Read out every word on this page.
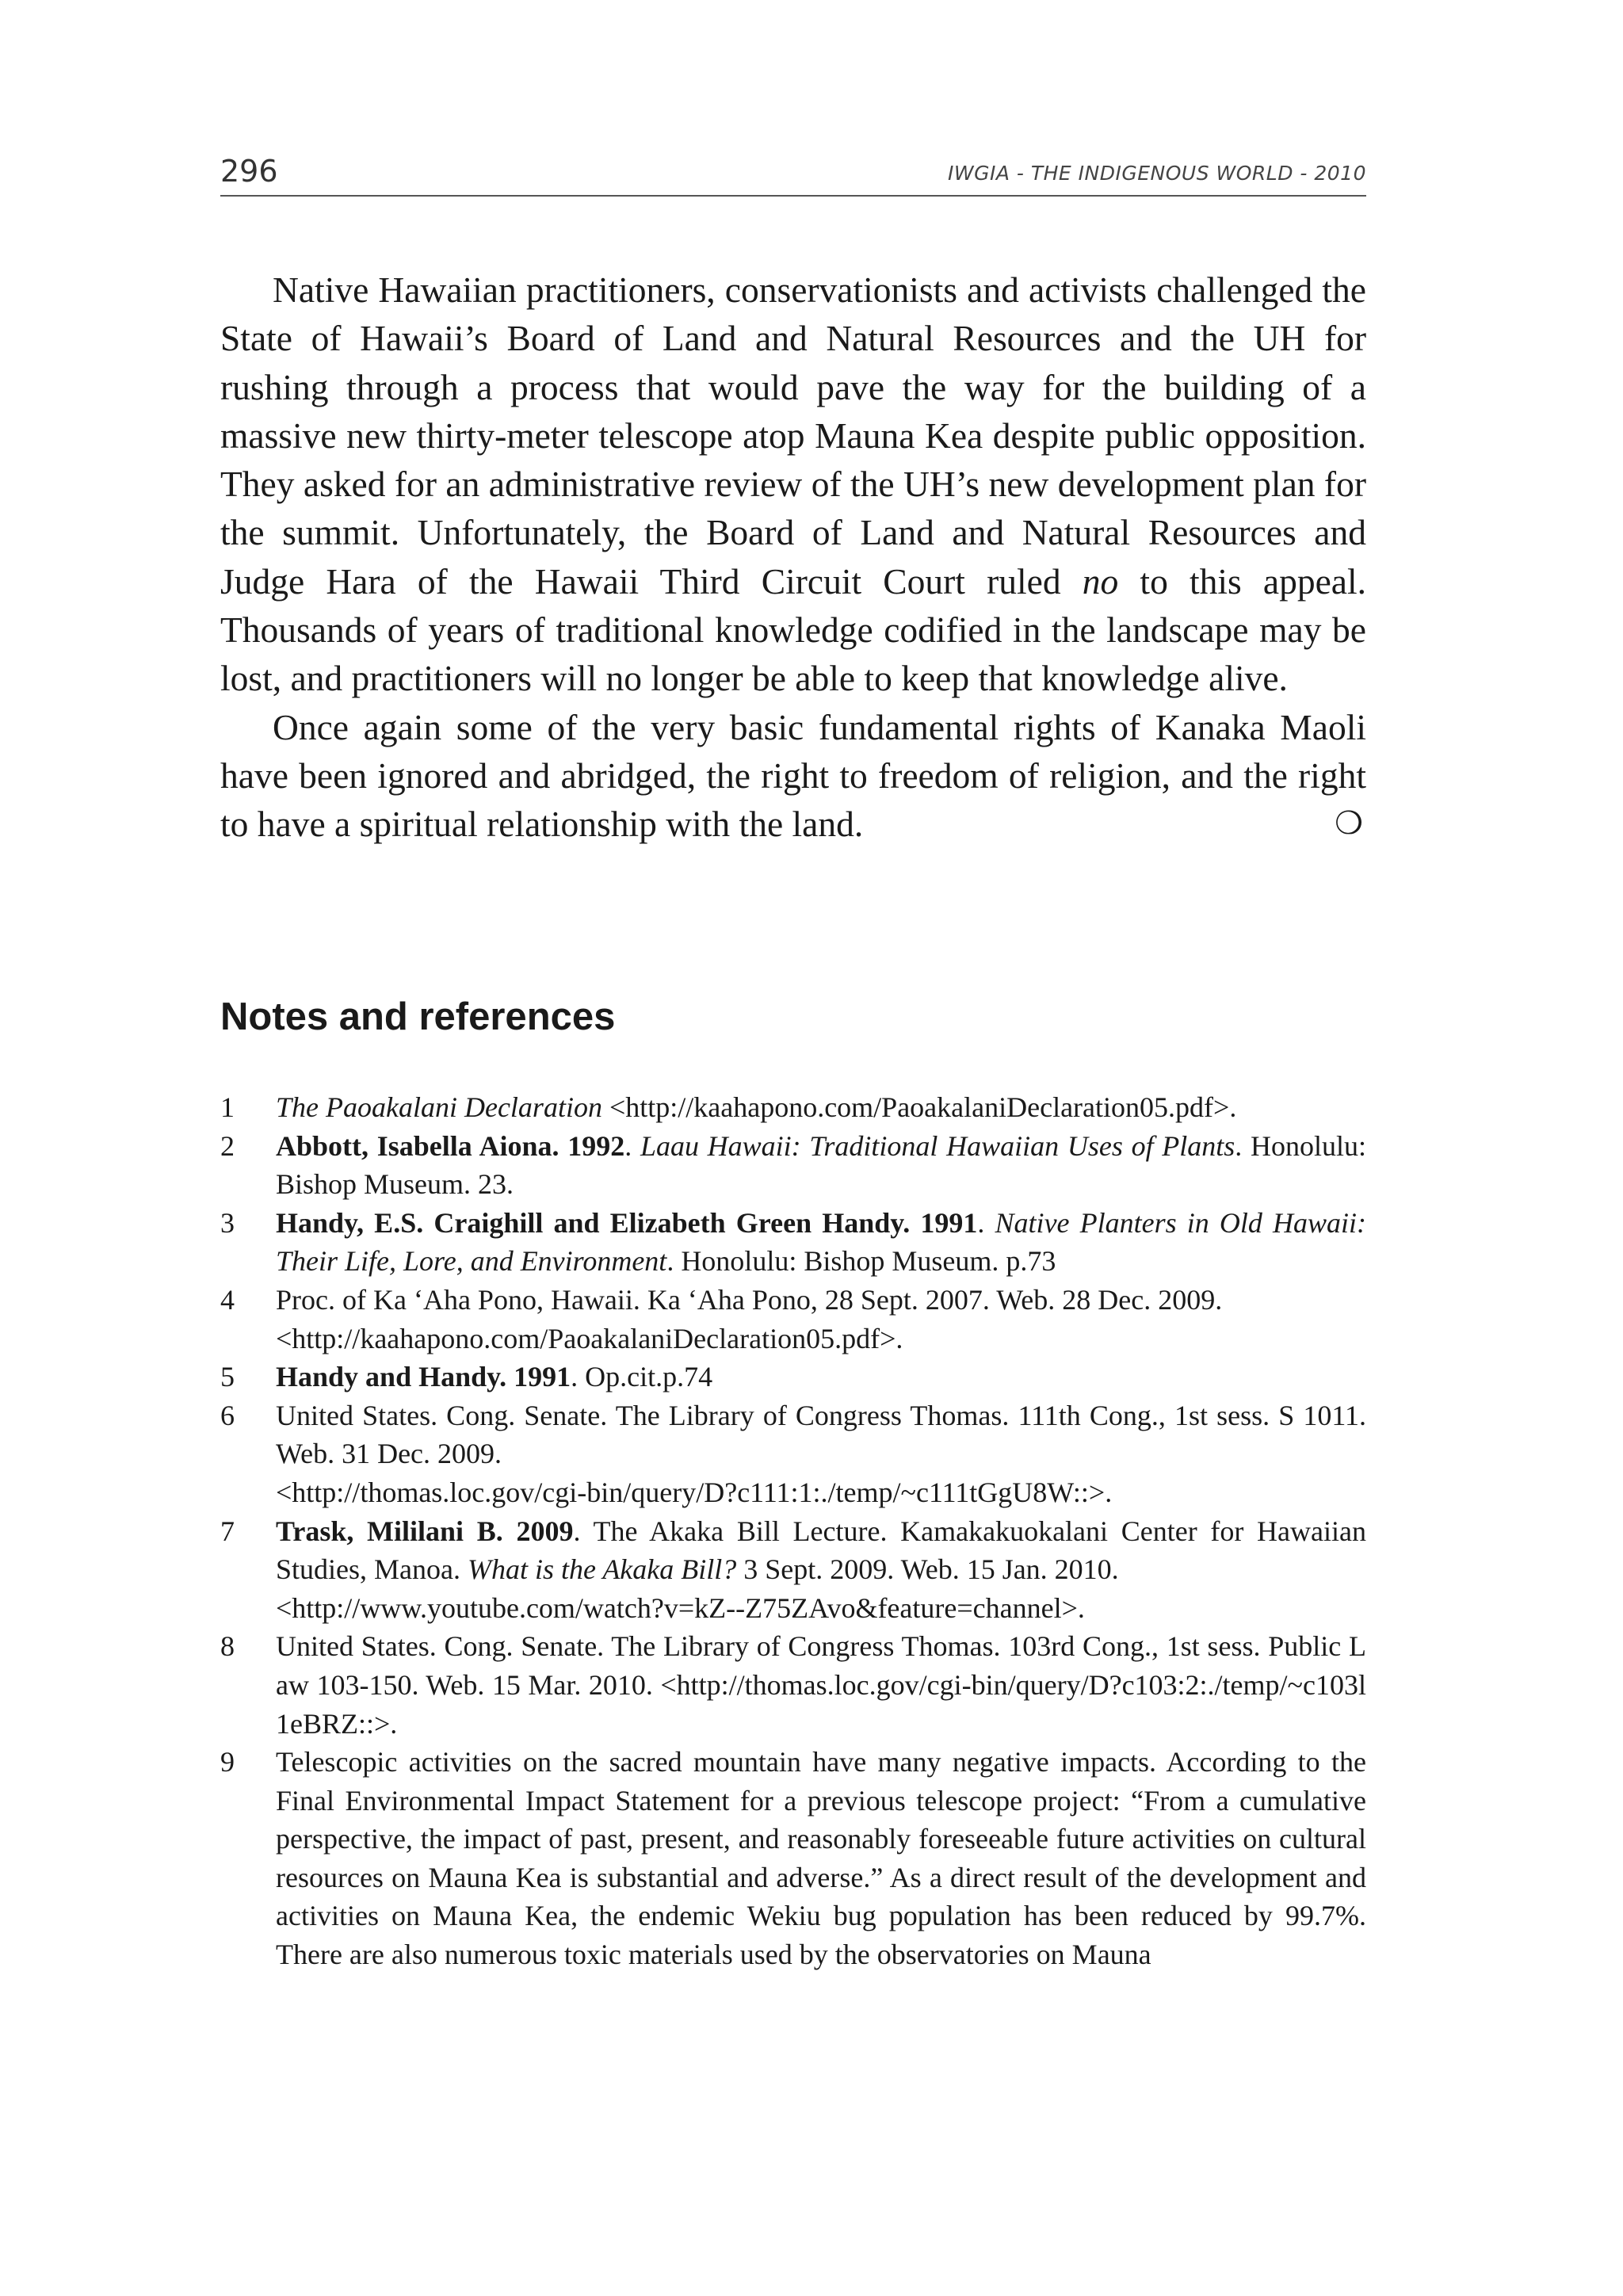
296	IWGIA - THE INDIGENOUS WORLD - 2010

Native Hawaiian practitioners, conservationists and activists challenged the State of Hawaii’s Board of Land and Natural Resources and the UH for rushing through a process that would pave the way for the building of a massive new thirty-meter telescope atop Mauna Kea despite public opposition. They asked for an administrative review of the UH’s new development plan for the summit. Unfortunately, the Board of Land and Natural Resources and Judge Hara of the Hawaii Third Circuit Court ruled no to this appeal. Thousands of years of traditional knowledge codified in the landscape may be lost, and practitioners will no longer be able to keep that knowledge alive.

Once again some of the very basic fundamental rights of Kanaka Maoli have been ignored and abridged, the right to freedom of religion, and the right to have a spiritual relationship with the land.	❍

Notes and references
1 The Paoakalani Declaration <http://kaahapono.com/PaoakalaniDeclaration05.pdf>.

2 Abbott, Isabella Aiona. 1992. Laau Hawaii: Traditional Hawaiian Uses of Plants. Honolulu: Bishop Museum. 23.

3 Handy, E.S. Craighill and Elizabeth Green Handy. 1991. Native Planters in Old Hawaii: Their Life, Lore, and Environment. Honolulu: Bishop Museum. p.73

4 Proc. of Ka ‘Aha Pono, Hawaii. Ka ‘Aha Pono, 28 Sept. 2007. Web. 28 Dec. 2009.
<http://kaahapono.com/PaoakalaniDeclaration05.pdf>.

5 Handy and Handy. 1991. Op.cit.p.74

6 United States. Cong. Senate. The Library of Congress Thomas. 111th Cong., 1st sess. S 1011. Web. 31 Dec. 2009.
<http://thomas.loc.gov/cgi-bin/query/D?c111:1:./temp/~c111tGgU8W::>.

7 Trask, Mililani B. 2009. The Akaka Bill Lecture. Kamakakuokalani Center for Hawaiian Studies, Manoa. What is the Akaka Bill? 3 Sept. 2009. Web. 15 Jan. 2010.
<http://www.youtube.com/watch?v=kZ--Z75ZAvo&feature=channel>.

8 United States. Cong. Senate. The Library of Congress Thomas. 103rd Cong., 1st sess. Public Law 103-150. Web. 15 Mar. 2010. <http://thomas.loc.gov/cgi-bin/query/D?c103:2:./temp/~c103l1eBRZ::>.

9 Telescopic activities on the sacred mountain have many negative impacts. According to the Final Environmental Impact Statement for a previous telescope project: “From a cumulative perspective, the impact of past, present, and reasonably foreseeable future activities on cultural resources on Mauna Kea is substantial and adverse.” As a direct result of the development and activities on Mauna Kea, the endemic Wekiu bug population has been reduced by 99.7%. There are also numerous toxic materials used by the observatories on Mauna
